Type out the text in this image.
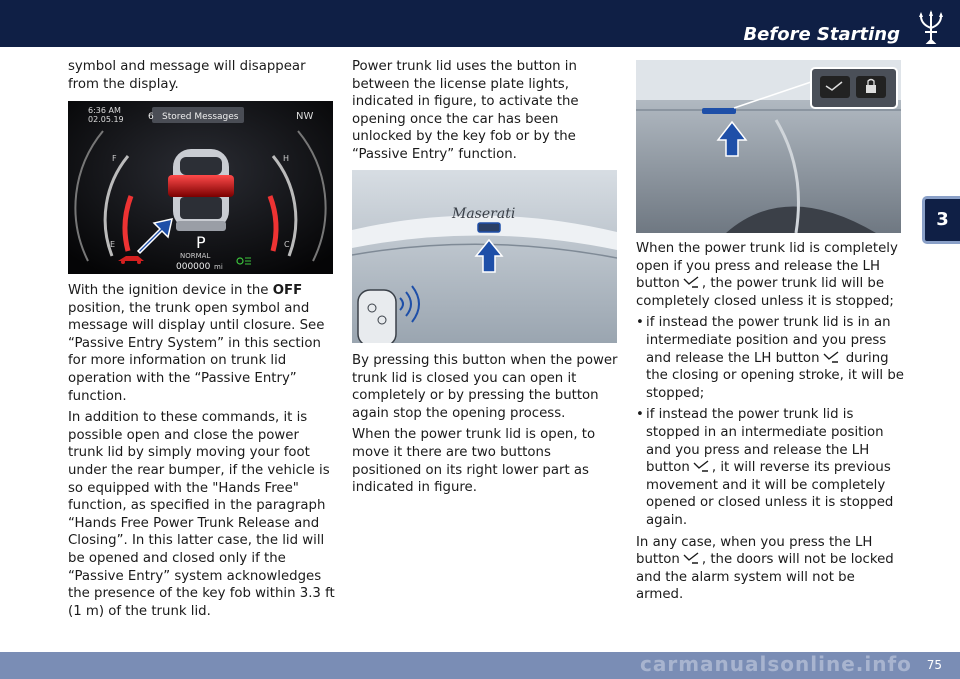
Before Starting
3

symbol and message will disappear from the display.

6:36 AM
02.05.19	6 Stored Messages	NW
F
E
H
C
P
NORMAL
000000 mi

With the ignition device in the OFF position, the trunk open symbol and message will display until closure. See “Passive Entry System” in this section for more information on trunk lid operation with the “Passive Entry” function.

In addition to these commands, it is possible open and close the power trunk lid by simply moving your foot under the rear bumper, if the vehicle is so equipped with the "Hands Free" function, as specified in the paragraph “Hands Free Power Trunk Release and Closing”. In this latter case, the lid will be opened and closed only if the “Passive Entry” system acknowledges the presence of the key fob within 3.3 ft (1 m) of the trunk lid.

Power trunk lid uses the button in between the license plate lights, indicated in figure, to activate the opening once the car has been unlocked by the key fob or by the “Passive Entry” function.

Maserati

By pressing this button when the power trunk lid is closed you can open it completely or by pressing the button again stop the opening process.

When the power trunk lid is open, to move it there are two buttons positioned on its right lower part as indicated in figure.

When the power trunk lid is completely open if you press and release the LH button , the power trunk lid will be completely closed unless it is stopped;

• if instead the power trunk lid is in an intermediate position and you press and release the LH button during the closing or opening stroke, it will be stopped;

• if instead the power trunk lid is stopped in an intermediate position and you press and release the LH button , it will reverse its previous movement and it will be completely opened or closed unless it is stopped again.

In any case, when you press the LH button , the doors will not be locked and the alarm system will not be armed.

75
carmanualsonline.info
